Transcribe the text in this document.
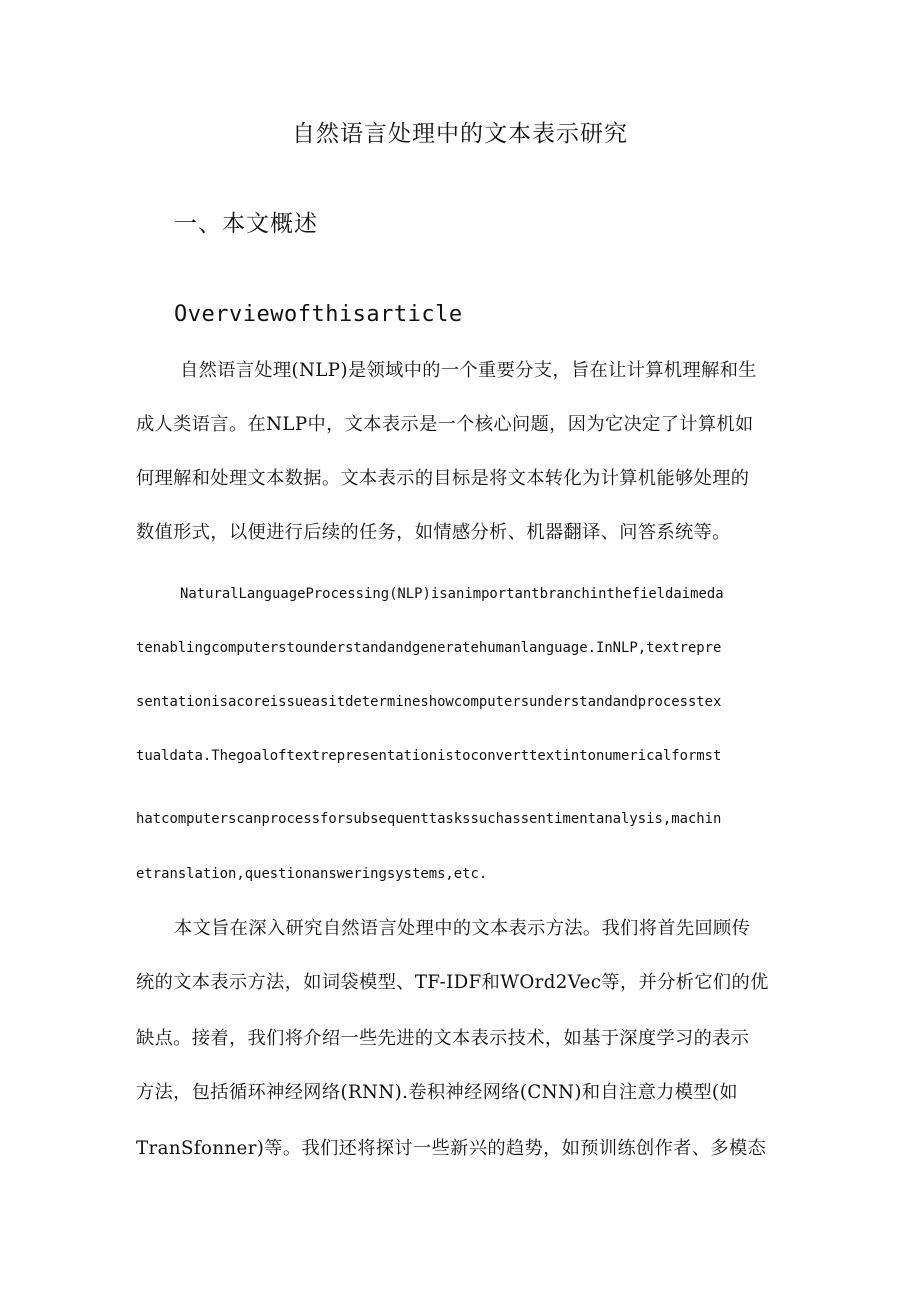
自然语言处理中的文本表示研究
一、本文概述
Overviewofthisarticle
自然语言处理(NLP)是领域中的一个重要分支，旨在让计算机理解和生
成人类语言。在NLP中，文本表示是一个核心问题，因为它决定了计算机如
何理解和处理文本数据。文本表示的目标是将文本转化为计算机能够处理的
数值形式，以便进行后续的任务，如情感分析、机器翻译、问答系统等。
NaturalLanguageProcessing(NLP)isanimportantbranchinthefieldaimeda
tenablingcomputerstounderstandandgeneratehumanlanguage.InNLP,textrepre
sentationisacoreissueasitdetermineshowcomputersunderstandandprocesstex
tualdata.Thegoaloftextrepresentationistoconverttextintonumericalformst
hatcomputerscanprocessforsubsequenttaskssuchassentimentanalysis,machin
etranslation,questionansweringsystems,etc.
本文旨在深入研究自然语言处理中的文本表示方法。我们将首先回顾传
统的文本表示方法，如词袋模型、TF-IDF和WOrd2Vec等，并分析它们的优
缺点。接着，我们将介绍一些先进的文本表示技术，如基于深度学习的表示
方法，包括循环神经网络(RNN).卷积神经网络(CNN)和自注意力模型(如
TranSfonner)等。我们还将探讨一些新兴的趋势，如预训练创作者、多模态
